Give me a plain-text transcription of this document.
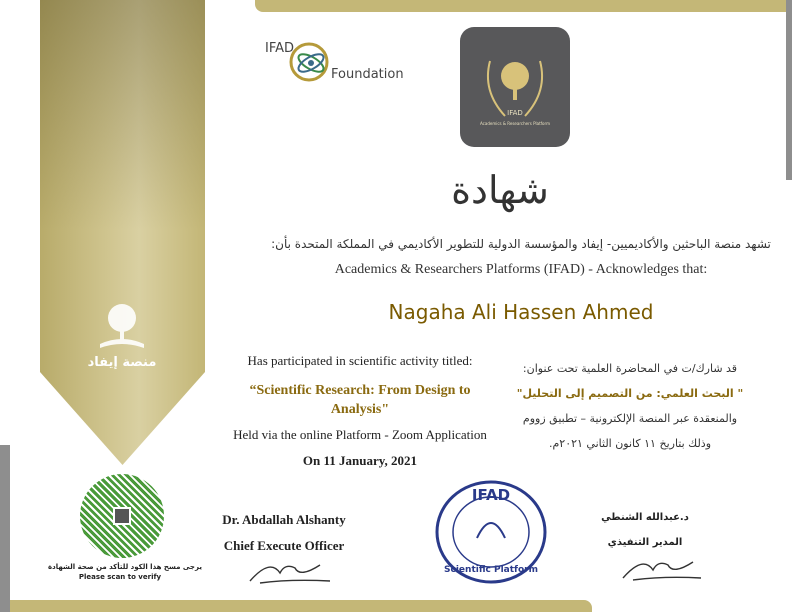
منصة إيفاد
IFAD
Foundation
IFAD
Academics & Researchers Platform
شهادة
تشهد منصة الباحثين والأكاديميين- إيفاد والمؤسسة الدولية للتطوير الأكاديمي في المملكة المتحدة بأن:
Academics & Researchers Platforms (IFAD) - Acknowledges that:
Nagaha Ali Hassen Ahmed
Has participated in scientific activity titled:
“Scientific Research: From Design to Analysis"
Held via the online Platform - Zoom Application
On 11 January, 2021
قد شارك/ت في المحاضرة العلمية تحت عنوان:
" البحث العلمي: من التصميم إلى التحليل"
والمنعقدة عبر المنصة الإلكترونية – تطبيق زووم
وذلك بتاريخ ١١ كانون الثاني ٢٠٢١م.
يرجى مسح هذا الكود للتأكد من صحة الشهادة
Please scan to verify
Dr. Abdallah Alshanty
Chief Execute Officer
IFAD
Scientific Platform
د.عبدالله الشنطي
المدير التنفيذي
